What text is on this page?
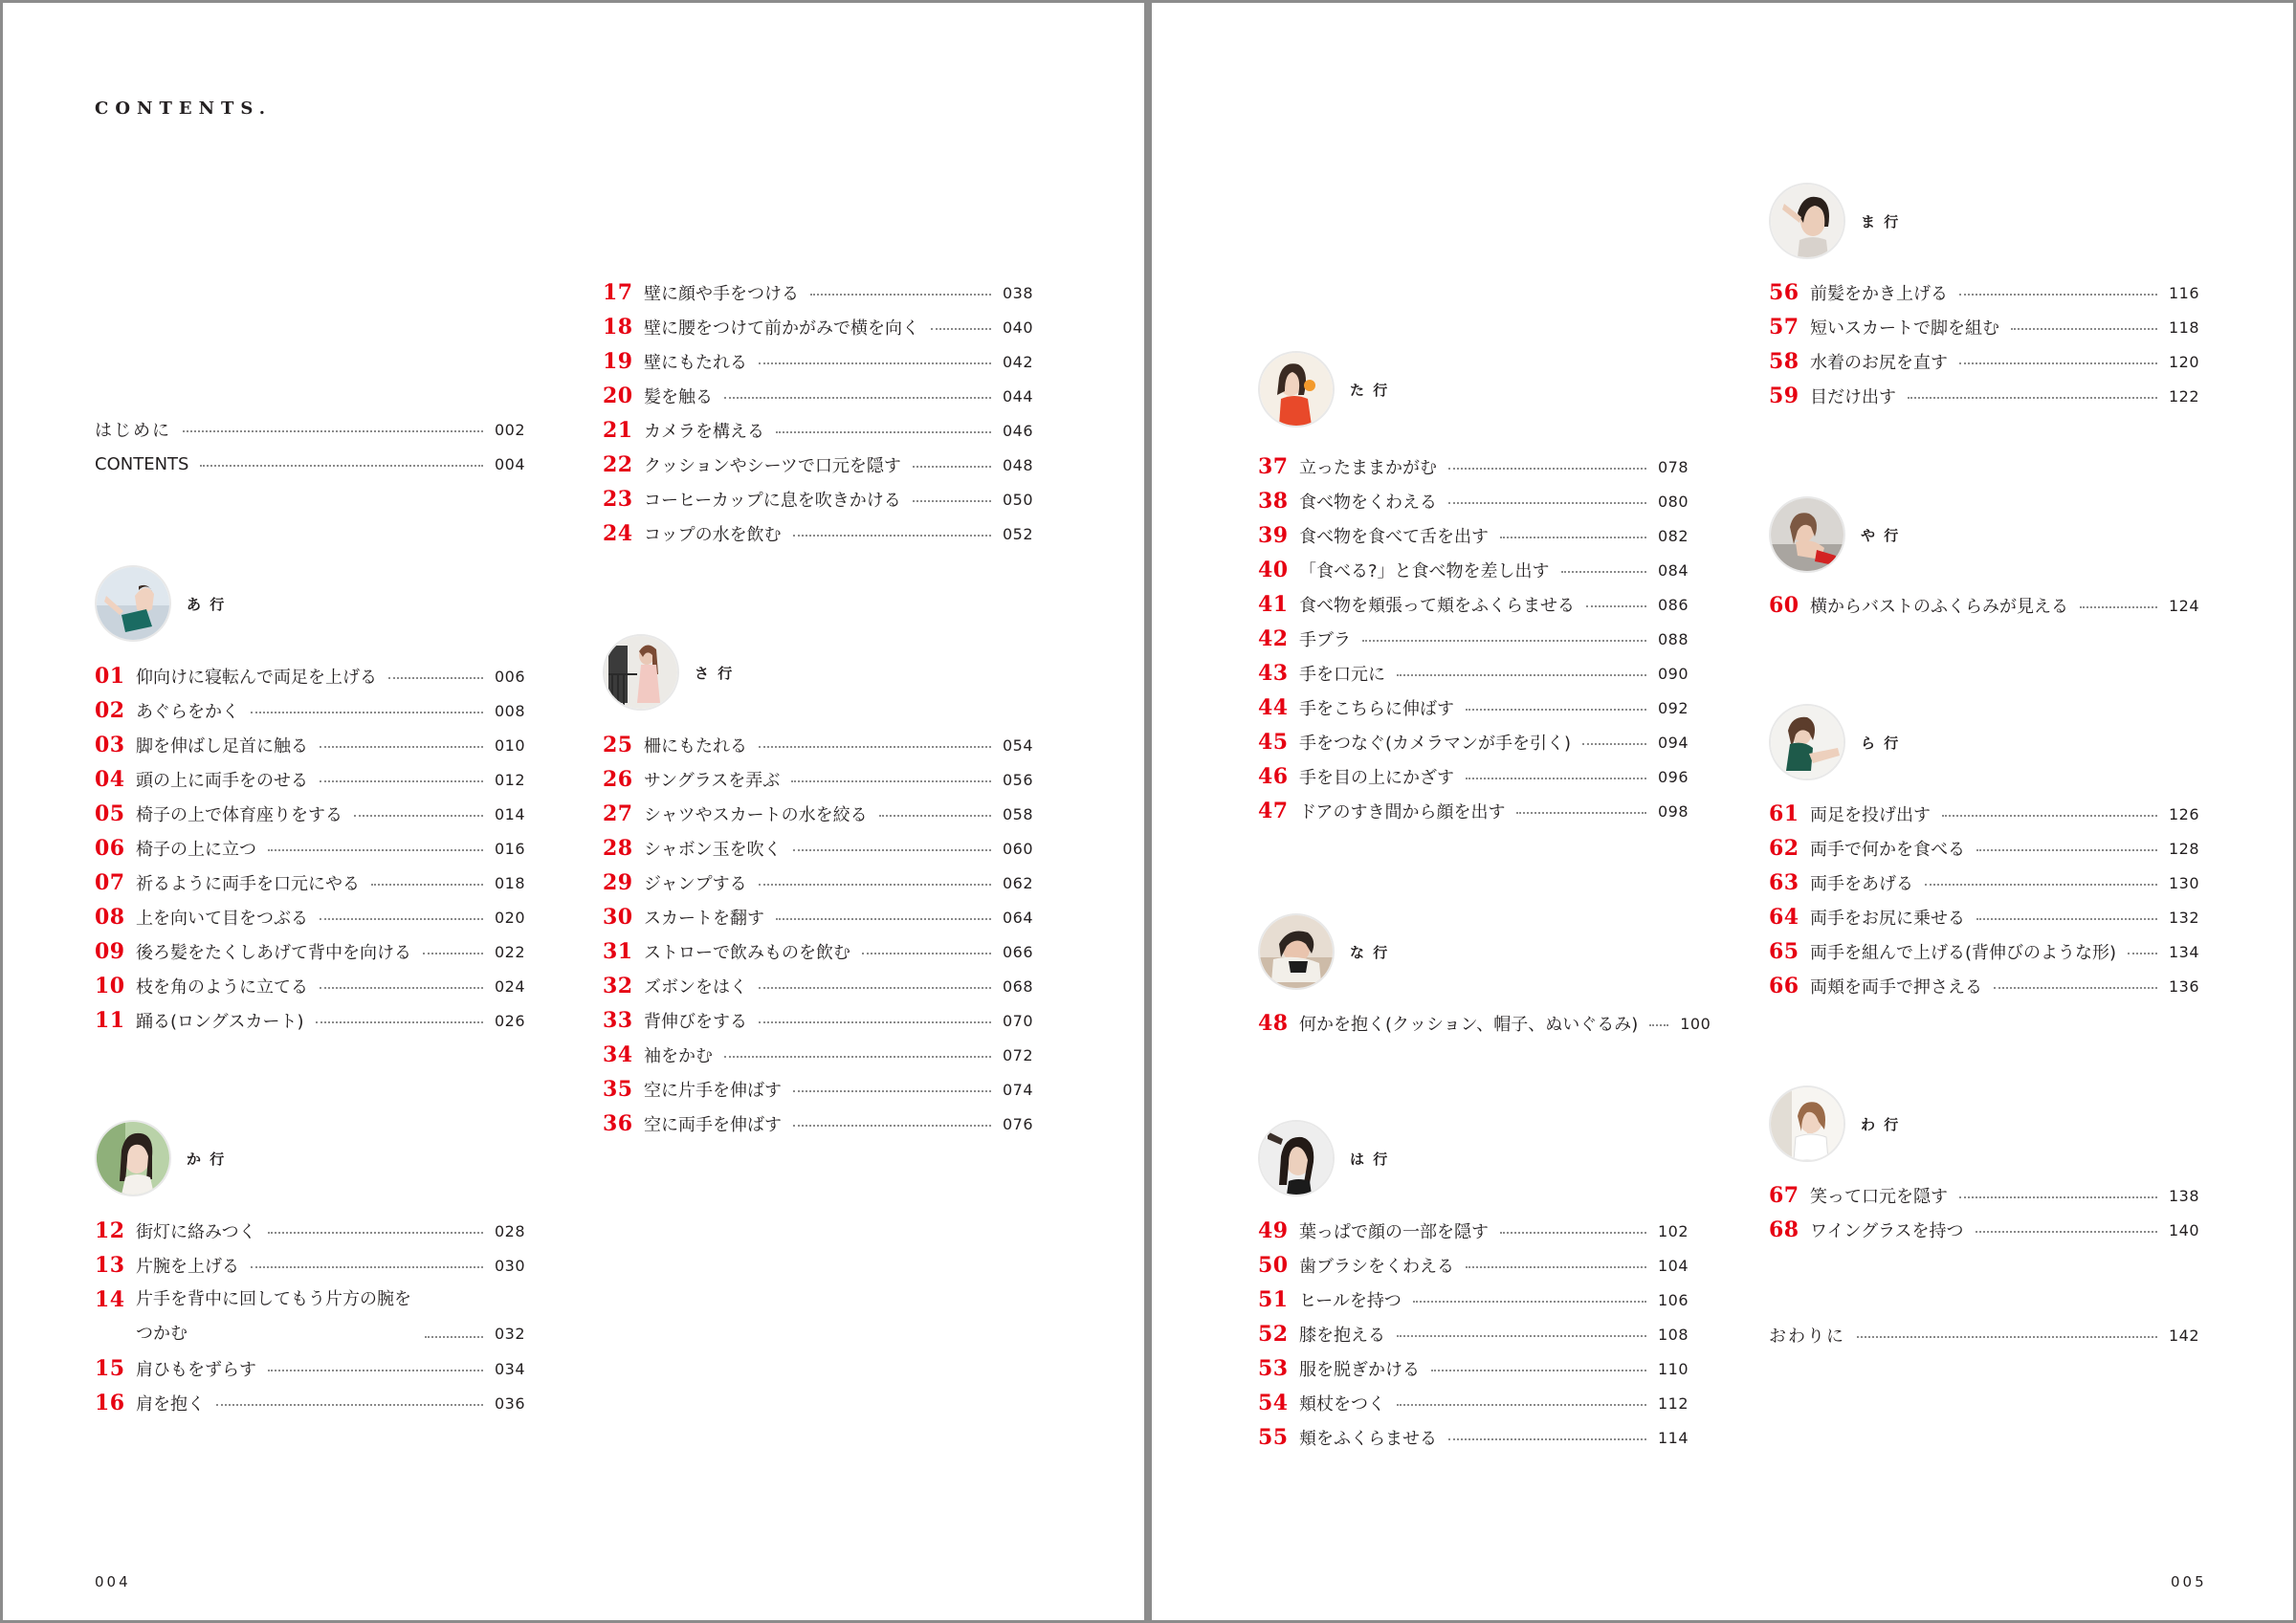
CONTENTS.
はじめに	002
CONTENTS	004
あ 行
01 仰向けに寝転んで両足を上げる	006
02 あぐらをかく	008
03 脚を伸ばし足首に触る	010
04 頭の上に両手をのせる	012
05 椅子の上で体育座りをする	014
06 椅子の上に立つ	016
07 祈るように両手を口元にやる	018
08 上を向いて目をつぶる	020
09 後ろ髪をたくしあげて背中を向ける	022
10 枝を角のように立てる	024
11 踊る(ロングスカート)	026
か 行
12 街灯に絡みつく	028
13 片腕を上げる	030
14 片手を背中に回してもう片方の腕をつかむ	032
15 肩ひもをずらす	034
16 肩を抱く	036
17 壁に顔や手をつける	038
18 壁に腰をつけて前かがみで横を向く	040
19 壁にもたれる	042
20 髪を触る	044
21 カメラを構える	046
22 クッションやシーツで口元を隠す	048
23 コーヒーカップに息を吹きかける	050
24 コップの水を飲む	052
さ 行
25 柵にもたれる	054
26 サングラスを弄ぶ	056
27 シャツやスカートの水を絞る	058
28 シャボン玉を吹く	060
29 ジャンプする	062
30 スカートを翻す	064
31 ストローで飲みものを飲む	066
32 ズボンをはく	068
33 背伸びをする	070
34 袖をかむ	072
35 空に片手を伸ばす	074
36 空に両手を伸ばす	076
004
た 行
37 立ったままかがむ	078
38 食べ物をくわえる	080
39 食べ物を食べて舌を出す	082
40 「食べる?」と食べ物を差し出す	084
41 食べ物を頬張って頬をふくらませる	086
42 手ブラ	088
43 手を口元に	090
44 手をこちらに伸ばす	092
45 手をつなぐ(カメラマンが手を引く)	094
46 手を目の上にかざす	096
47 ドアのすき間から顔を出す	098
な 行
48 何かを抱く(クッション、帽子、ぬいぐるみ)	100
は 行
49 葉っぱで顔の一部を隠す	102
50 歯ブラシをくわえる	104
51 ヒールを持つ	106
52 膝を抱える	108
53 服を脱ぎかける	110
54 頬杖をつく	112
55 頬をふくらませる	114
ま 行
56 前髪をかき上げる	116
57 短いスカートで脚を組む	118
58 水着のお尻を直す	120
59 目だけ出す	122
や 行
60 横からバストのふくらみが見える	124
ら 行
61 両足を投げ出す	126
62 両手で何かを食べる	128
63 両手をあげる	130
64 両手をお尻に乗せる	132
65 両手を組んで上げる(背伸びのような形)	134
66 両頬を両手で押さえる	136
わ 行
67 笑って口元を隠す	138
68 ワイングラスを持つ	140
おわりに	142
005
